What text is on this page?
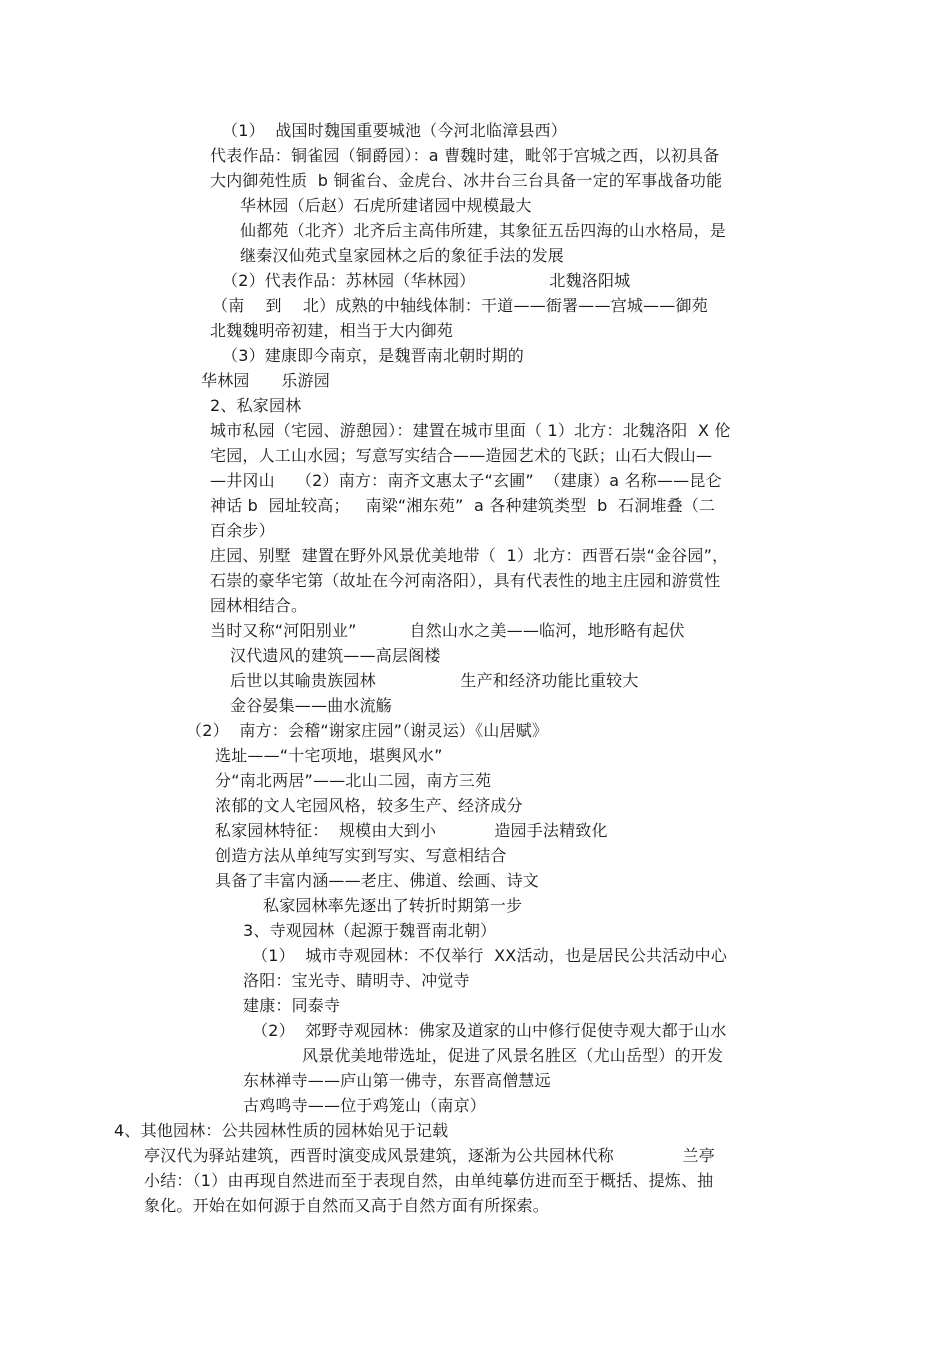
（1）  战国时魏国重要城池（今河北临漳县西）
代表作品：铜雀园（铜爵园）：a 曹魏时建，毗邻于宫城之西，以初具备
大内御苑性质  b 铜雀台、金虎台、冰井台三台具备一定的军事战备功能
华林园（后赵）石虎所建诸园中规模最大
仙都苑（北齐）北齐后主高伟所建，其象征五岳四海的山水格局，是
继秦汉仙苑式皇家园林之后的象征手法的发展
（2）代表作品：苏林园（华林园）              北魏洛阳城
（南    到    北）成熟的中轴线体制：干道——衙署——宫城——御苑
北魏魏明帝初建，相当于大内御苑
（3）建康即今南京，是魏晋南北朝时期的
华林园      乐游园
2、私家园林
城市私园（宅园、游憩园）：建置在城市里面（ 1）北方：北魏洛阳  X 伦
宅园，人工山水园；写意写实结合——造园艺术的飞跃；山石大假山—
—井冈山    （2）南方：南齐文惠太子“玄圃”  （建康）a 名称——昆仑
神话 b  园址较高；   南梁“湘东苑”  a 各种建筑类型  b  石洞堆叠（二
百余步）
庄园、别墅  建置在野外风景优美地带（  1）北方：西晋石崇“金谷园”，
石崇的豪华宅第（故址在今河南洛阳），具有代表性的地主庄园和游赏性
园林相结合。
当时又称“河阳别业”          自然山水之美——临河，地形略有起伏
汉代遗风的建筑——高层阁楼
后世以其喻贵族园林                生产和经济功能比重较大
金谷晏集——曲水流觞
（2）  南方：会稽“谢家庄园”（谢灵运）《山居赋》
选址——“十宅项地，堪舆风水”
分“南北两居”——北山二园，南方三苑
浓郁的文人宅园风格，较多生产、经济成分
私家园林特征：  规模由大到小           造园手法精致化
创造方法从单纯写实到写实、写意相结合
具备了丰富内涵——老庄、佛道、绘画、诗文
私家园林率先逐出了转折时期第一步
3、寺观园林（起源于魏晋南北朝）
（1）  城市寺观园林：不仅举行  XX活动，也是居民公共活动中心
洛阳：宝光寺、睛明寺、冲觉寺
建康：同泰寺
（2）  郊野寺观园林：佛家及道家的山中修行促使寺观大都于山水
风景优美地带选址，促进了风景名胜区（尤山岳型）的开发
东林禅寺——庐山第一佛寺，东晋高僧慧远
古鸡鸣寺——位于鸡笼山（南京）
4、其他园林：公共园林性质的园林始见于记载
亭汉代为驿站建筑，西晋时演变成风景建筑，逐渐为公共园林代称             兰亭
小结：（1）由再现自然进而至于表现自然，由单纯摹仿进而至于概括、提炼、抽
象化。开始在如何源于自然而又高于自然方面有所探索。
